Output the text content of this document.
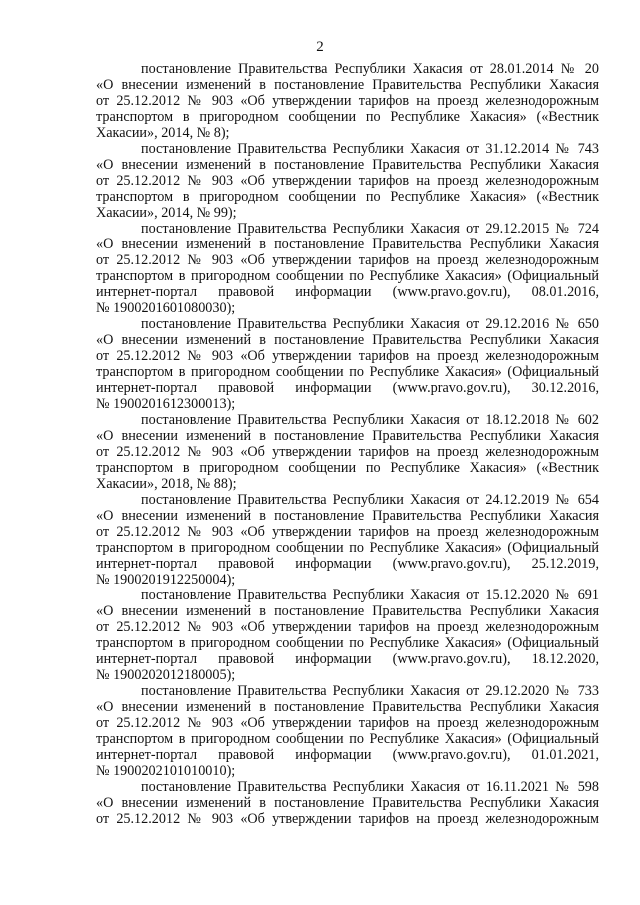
2

постановление Правительства Республики Хакасия от 28.01.2014 № 20
«О внесении изменений в постановление Правительства Республики Хакасия
от 25.12.2012 № 903 «Об утверждении тарифов на проезд железнодорожным
транспортом в пригородном сообщении по Республике Хакасия» («Вестник
Хакасии», 2014, № 8);

постановление Правительства Республики Хакасия от 31.12.2014 № 743
«О внесении изменений в постановление Правительства Республики Хакасия
от 25.12.2012 № 903 «Об утверждении тарифов на проезд железнодорожным
транспортом в пригородном сообщении по Республике Хакасия» («Вестник
Хакасии», 2014, № 99);

постановление Правительства Республики Хакасия от 29.12.2015 № 724
«О внесении изменений в постановление Правительства Республики Хакасия
от 25.12.2012 № 903 «Об утверждении тарифов на проезд железнодорожным
транспортом в пригородном сообщении по Республике Хакасия» (Официальный
интернет-портал правовой информации (www.pravo.gov.ru), 08.01.2016,
№ 1900201601080030);

постановление Правительства Республики Хакасия от 29.12.2016 № 650
«О внесении изменений в постановление Правительства Республики Хакасия
от 25.12.2012 № 903 «Об утверждении тарифов на проезд железнодорожным
транспортом в пригородном сообщении по Республике Хакасия» (Официальный
интернет-портал правовой информации (www.pravo.gov.ru), 30.12.2016,
№ 1900201612300013);

постановление Правительства Республики Хакасия от 18.12.2018 № 602
«О внесении изменений в постановление Правительства Республики Хакасия
от 25.12.2012 № 903 «Об утверждении тарифов на проезд железнодорожным
транспортом в пригородном сообщении по Республике Хакасия» («Вестник
Хакасии», 2018, № 88);

постановление Правительства Республики Хакасия от 24.12.2019 № 654
«О внесении изменений в постановление Правительства Республики Хакасия
от 25.12.2012 № 903 «Об утверждении тарифов на проезд железнодорожным
транспортом в пригородном сообщении по Республике Хакасия» (Официальный
интернет-портал правовой информации (www.pravo.gov.ru), 25.12.2019,
№ 1900201912250004);

постановление Правительства Республики Хакасия от 15.12.2020 № 691
«О внесении изменений в постановление Правительства Республики Хакасия
от 25.12.2012 № 903 «Об утверждении тарифов на проезд железнодорожным
транспортом в пригородном сообщении по Республике Хакасия» (Официальный
интернет-портал правовой информации (www.pravo.gov.ru), 18.12.2020,
№ 1900202012180005);

постановление Правительства Республики Хакасия от 29.12.2020 № 733
«О внесении изменений в постановление Правительства Республики Хакасия
от 25.12.2012 № 903 «Об утверждении тарифов на проезд железнодорожным
транспортом в пригородном сообщении по Республике Хакасия» (Официальный
интернет-портал правовой информации (www.pravo.gov.ru), 01.01.2021,
№ 1900202101010010);

постановление Правительства Республики Хакасия от 16.11.2021 № 598
«О внесении изменений в постановление Правительства Республики Хакасия
от 25.12.2012 № 903 «Об утверждении тарифов на проезд железнодорожным
